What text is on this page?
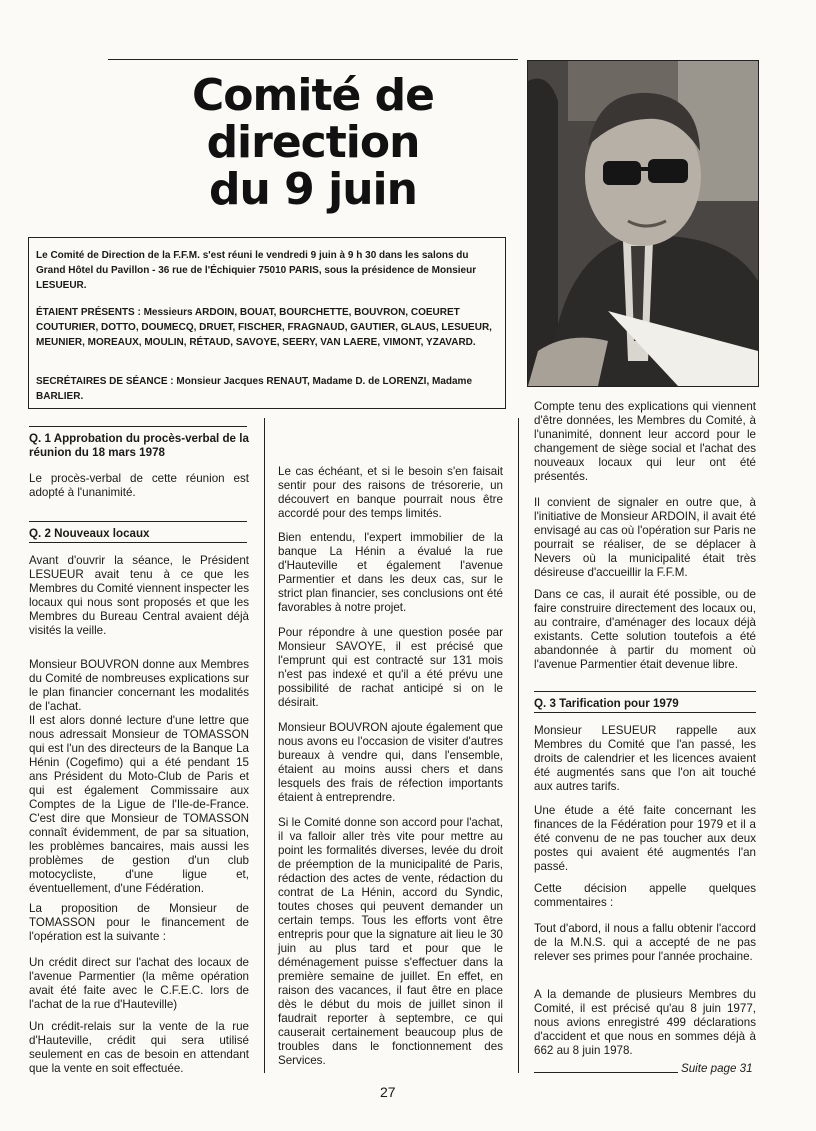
Comité de
direction
du 9 juin

Le Comité de Direction de la F.F.M. s'est réuni le vendredi 9 juin à 9 h 30 dans les salons du Grand Hôtel du Pavillon - 36 rue de l'Échiquier 75010 PARIS, sous la présidence de Monsieur LESUEUR.

ÉTAIENT PRÉSENTS : Messieurs ARDOIN, BOUAT, BOURCHETTE, BOUVRON, COEURET COUTURIER, DOTTO, DOUMECQ, DRUET, FISCHER, FRAGNAUD, GAUTIER, GLAUS, LESUEUR, MEUNIER, MOREAUX, MOULIN, RÉTAUD, SAVOYE, SEERY, VAN LAERE, VIMONT, YZAVARD.

SECRÉTAIRES DE SÉANCE : Monsieur Jacques RENAUT, Madame D. de LORENZI, Madame BARLIER.

Q. 1 Approbation du procès-verbal de la réunion du 18 mars 1978

Le procès-verbal de cette réunion est adopté à l'unanimité.

Q. 2 Nouveaux locaux

Avant d'ouvrir la séance, le Président LESUEUR avait tenu à ce que les Membres du Comité viennent inspecter les locaux qui nous sont proposés et que les Membres du Bureau Central avaient déjà visités la veille.

Monsieur BOUVRON donne aux Membres du Comité de nombreuses explications sur le plan financier concernant les modalités de l'achat.

Il est alors donné lecture d'une lettre que nous adressait Monsieur de TOMASSON qui est l'un des directeurs de la Banque La Hénin (Cogefimo) qui a été pendant 15 ans Président du Moto-Club de Paris et qui est également Commissaire aux Comptes de la Ligue de l'Ile-de-France. C'est dire que Monsieur de TOMASSON connaît évidemment, de par sa situation, les problèmes bancaires, mais aussi les problèmes de gestion d'un club motocycliste, d'une ligue et, éventuellement, d'une Fédération.

La proposition de Monsieur de TOMASSON pour le financement de l'opération est la suivante :

Un crédit direct sur l'achat des locaux de l'avenue Parmentier (la même opération avait été faite avec le C.F.E.C. lors de l'achat de la rue d'Hauteville)

Un crédit-relais sur la vente de la rue d'Hauteville, crédit qui sera utilisé seulement en cas de besoin en attendant que la vente en soit effectuée.

Le cas échéant, et si le besoin s'en faisait sentir pour des raisons de trésorerie, un découvert en banque pourrait nous être accordé pour des temps limités.

Bien entendu, l'expert immobilier de la banque La Hénin a évalué la rue d'Hauteville et également l'avenue Parmentier et dans les deux cas, sur le strict plan financier, ses conclusions ont été favorables à notre projet.

Pour répondre à une question posée par Monsieur SAVOYE, il est précisé que l'emprunt qui est contracté sur 131 mois n'est pas indexé et qu'il a été prévu une possibilité de rachat anticipé si on le désirait.

Monsieur BOUVRON ajoute également que nous avons eu l'occasion de visiter d'autres bureaux à vendre qui, dans l'ensemble, étaient au moins aussi chers et dans lesquels des frais de réfection importants étaient à entreprendre.

Si le Comité donne son accord pour l'achat, il va falloir aller très vite pour mettre au point les formalités diverses, levée du droit de préemption de la municipalité de Paris, rédaction des actes de vente, rédaction du contrat de La Hénin, accord du Syndic, toutes choses qui peuvent demander un certain temps. Tous les efforts vont être entrepris pour que la signature ait lieu le 30 juin au plus tard et pour que le déménagement puisse s'effectuer dans la première semaine de juillet. En effet, en raison des vacances, il faut être en place dès le début du mois de juillet sinon il faudrait reporter à septembre, ce qui causerait certainement beaucoup plus de troubles dans le fonctionnement des Services.

Compte tenu des explications qui viennent d'être données, les Membres du Comité, à l'unanimité, donnent leur accord pour le changement de siège social et l'achat des nouveaux locaux qui leur ont été présentés.

Il convient de signaler en outre que, à l'initiative de Monsieur ARDOIN, il avait été envisagé au cas où l'opération sur Paris ne pourrait se réaliser, de se déplacer à Nevers où la municipalité était très désireuse d'accueillir la F.F.M.

Dans ce cas, il aurait été possible, ou de faire construire directement des locaux ou, au contraire, d'aménager des locaux déjà existants. Cette solution toutefois a été abandonnée à partir du moment où l'avenue Parmentier était devenue libre.

Q. 3 Tarification pour 1979

Monsieur LESUEUR rappelle aux Membres du Comité que l'an passé, les droits de calendrier et les licences avaient été augmentés sans que l'on ait touché aux autres tarifs.

Une étude a été faite concernant les finances de la Fédération pour 1979 et il a été convenu de ne pas toucher aux deux postes qui avaient été augmentés l'an passé.

Cette décision appelle quelques commentaires :

Tout d'abord, il nous a fallu obtenir l'accord de la M.N.S. qui a accepté de ne pas relever ses primes pour l'année prochaine.

A la demande de plusieurs Membres du Comité, il est précisé qu'au 8 juin 1977, nous avions enregistré 499 déclarations d'accident et que nous en sommes déjà à 662 au 8 juin 1978.

Suite page 31
27
